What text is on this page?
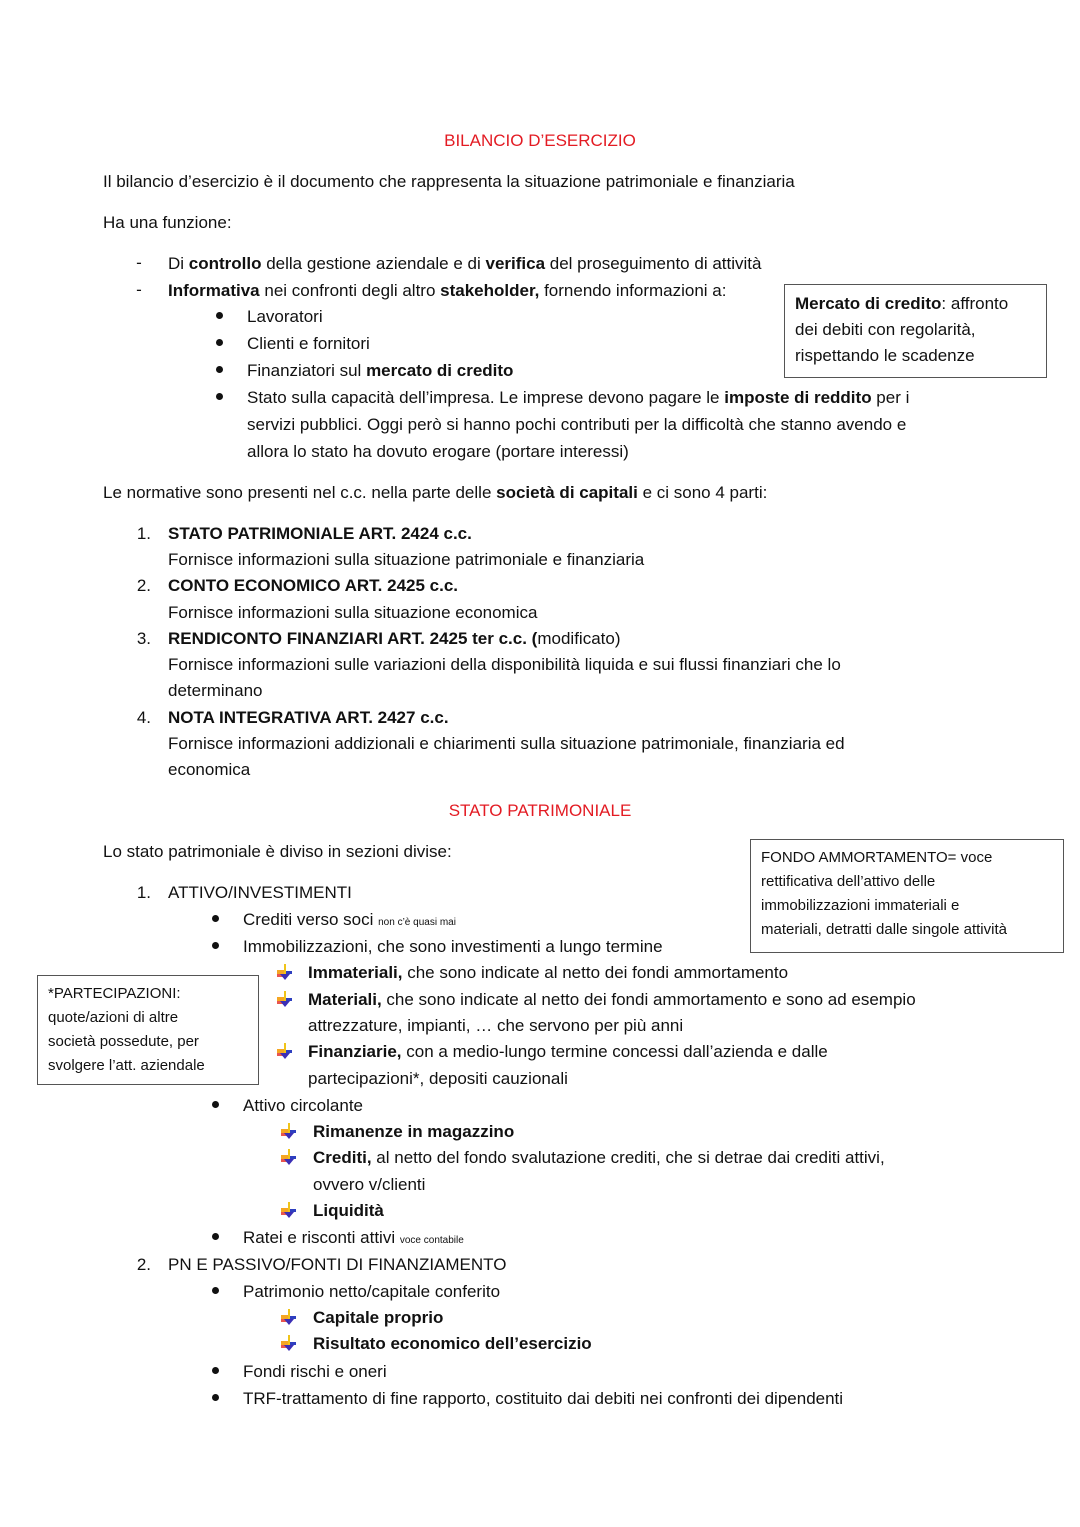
BILANCIO D’ESERCIZIO
Il bilancio d’esercizio è il documento che rappresenta la situazione patrimoniale e finanziaria
Ha una funzione:
- Di controllo della gestione aziendale e di verifica del proseguimento di attività
- Informativa nei confronti degli altro stakeholder, fornendo informazioni a:
Lavoratori
Clienti e fornitori
Finanziatori sul mercato di credito
Stato sulla capacità dell’impresa. Le imprese devono pagare le imposte di reddito per i
servizi pubblici. Oggi però si hanno pochi contributi per la difficoltà che stanno avendo e
allora lo stato ha dovuto erogare (portare interessi)
Mercato di credito: affronto
dei debiti con regolarità,
rispettando le scadenze
Le normative sono presenti nel c.c. nella parte delle società di capitali e ci sono 4 parti:
1. STATO PATRIMONIALE ART. 2424 c.c.
Fornisce informazioni sulla situazione patrimoniale e finanziaria
2. CONTO ECONOMICO ART. 2425 c.c.
Fornisce informazioni sulla situazione economica
3. RENDICONTO FINANZIARI ART. 2425 ter c.c. (modificato)
Fornisce informazioni sulle variazioni della disponibilità liquida e sui flussi finanziari che lo
determinano
4. NOTA INTEGRATIVA ART. 2427 c.c.
Fornisce informazioni addizionali e chiarimenti sulla situazione patrimoniale, finanziaria ed
economica
STATO PATRIMONIALE
Lo stato patrimoniale è diviso in sezioni divise:	FONDO AMMORTAMENTO= voce
rettificativa dell’attivo delle
immobilizzazioni immateriali e
materiali, detratti dalle singole attività
1. ATTIVO/INVESTIMENTI
Crediti verso soci non c’è quasi mai
Immobilizzazioni, che sono investimenti a lungo termine
*PARTECIPAZIONI:
quote/azioni di altre
società possedute, per
svolgere l’att. aziendale
Immateriali, che sono indicate al netto dei fondi ammortamento
Materiali, che sono indicate al netto dei fondi ammortamento e sono ad esempio
attrezzature, impianti, … che servono per più anni
Finanziarie, con a medio-lungo termine concessi dall’azienda e dalle
partecipazioni*, depositi cauzionali
Attivo circolante
Rimanenze in magazzino
Crediti, al netto del fondo svalutazione crediti, che si detrae dai crediti attivi,
ovvero v/clienti
Liquidità
Ratei e risconti attivi voce contabile
2. PN E PASSIVO/FONTI DI FINANZIAMENTO
Patrimonio netto/capitale conferito
Capitale proprio
Risultato economico dell’esercizio
Fondi rischi e oneri
TRF-trattamento di fine rapporto, costituito dai debiti nei confronti dei dipendenti
